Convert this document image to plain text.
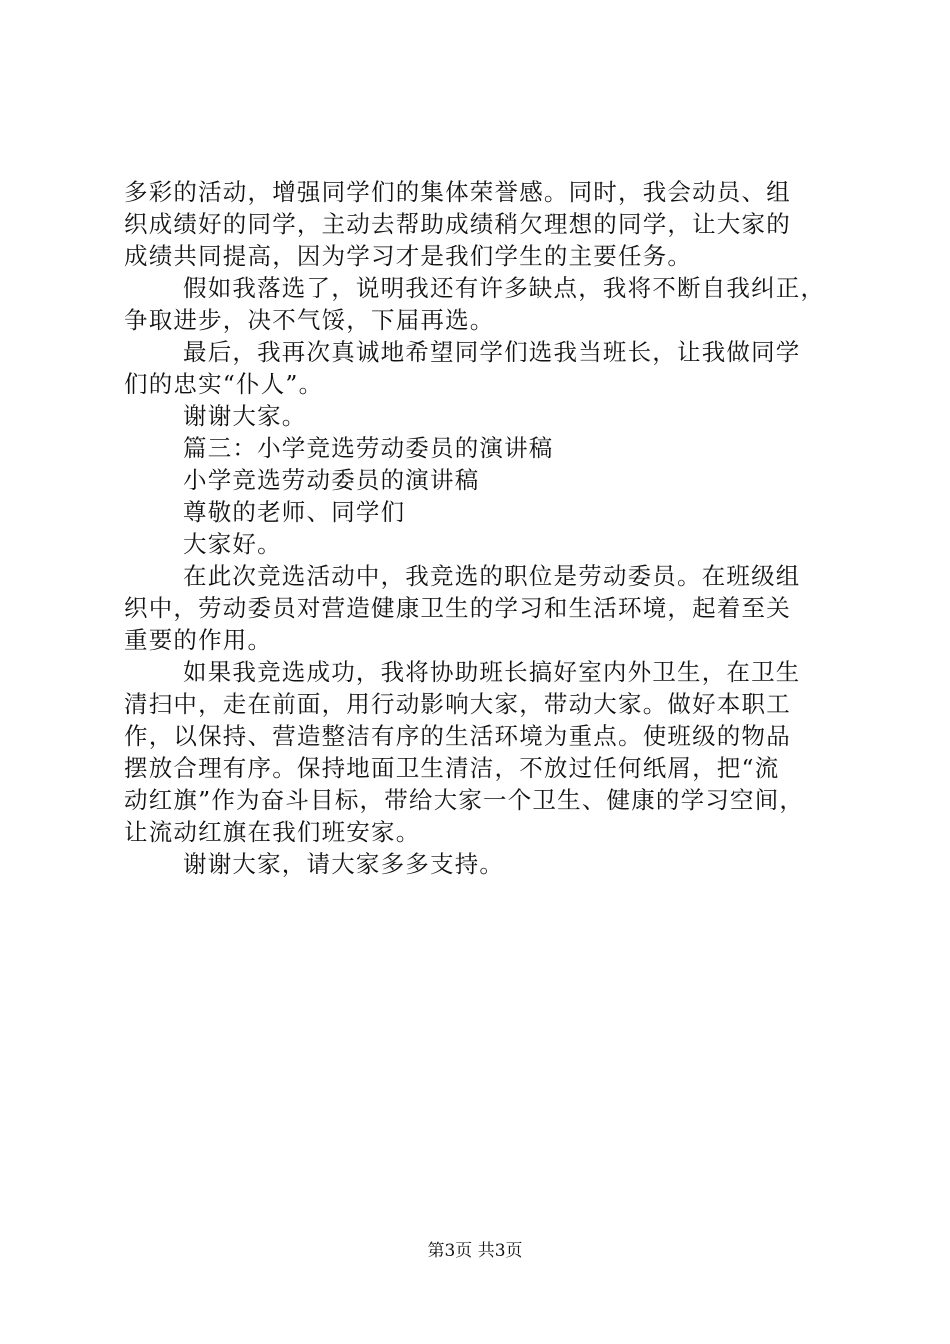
多彩的活动，增强同学们的集体荣誉感。同时，我会动员、组
织成绩好的同学，主动去帮助成绩稍欠理想的同学，让大家的
成绩共同提高，因为学习才是我们学生的主要任务。
假如我落选了，说明我还有许多缺点，我将不断自我纠正，
争取进步，决不气馁，下届再选。
最后，我再次真诚地希望同学们选我当班长，让我做同学
们的忠实“仆人”。
谢谢大家。
篇三：小学竞选劳动委员的演讲稿
小学竞选劳动委员的演讲稿
尊敬的老师、同学们
大家好。
在此次竞选活动中，我竞选的职位是劳动委员。在班级组
织中，劳动委员对营造健康卫生的学习和生活环境，起着至关
重要的作用。
如果我竞选成功，我将协助班长搞好室内外卫生，在卫生
清扫中，走在前面，用行动影响大家，带动大家。做好本职工
作，以保持、营造整洁有序的生活环境为重点。使班级的物品
摆放合理有序。保持地面卫生清洁，不放过任何纸屑，把“流
动红旗”作为奋斗目标，带给大家一个卫生、健康的学习空间，
让流动红旗在我们班安家。
谢谢大家，请大家多多支持。
第3页 共3页
